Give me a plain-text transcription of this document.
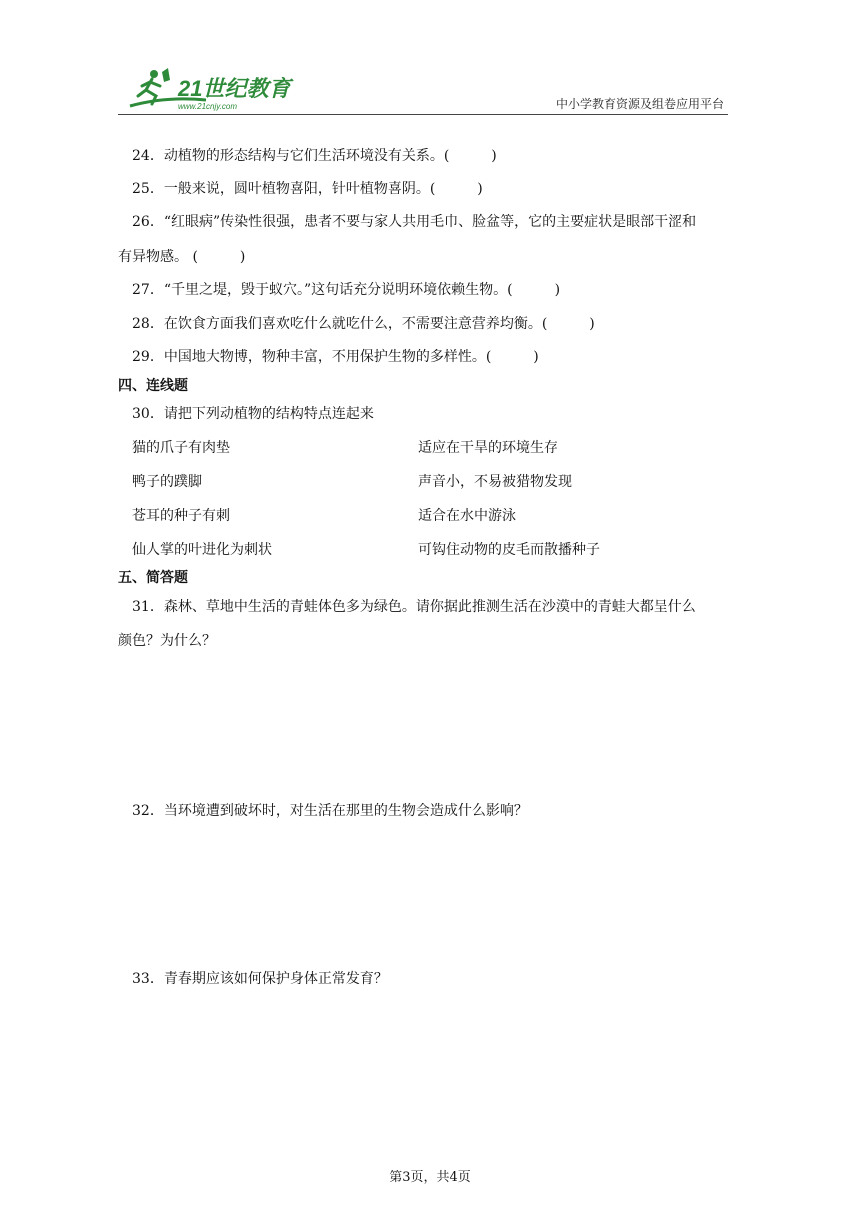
21世纪教育
www.21cnjy.com	中小学教育资源及组卷应用平台
24．动植物的形态结构与它们生活环境没有关系。(　　　)
25．一般来说，圆叶植物喜阳，针叶植物喜阴。(　　　)
26．“红眼病”传染性很强，患者不要与家人共用毛巾、脸盆等，它的主要症状是眼部干涩和
有异物感。 (　　　)
27．“千里之堤，毁于蚁穴。”这句话充分说明环境依赖生物。(　　　)
28．在饮食方面我们喜欢吃什么就吃什么，不需要注意营养均衡。(　　　)
29．中国地大物博，物种丰富，不用保护生物的多样性。(　　　)
四、连线题
30．请把下列动植物的结构特点连起来
猫的爪子有肉垫	适应在干旱的环境生存
鸭子的蹼脚	声音小，不易被猎物发现
苍耳的种子有刺	适合在水中游泳
仙人掌的叶进化为刺状	可钩住动物的皮毛而散播种子
五、简答题
31．森林、草地中生活的青蛙体色多为绿色。请你据此推测生活在沙漠中的青蛙大都呈什么
颜色？为什么？
32．当环境遭到破坏时，对生活在那里的生物会造成什么影响？
33．青春期应该如何保护身体正常发育？
第3页，共4页
